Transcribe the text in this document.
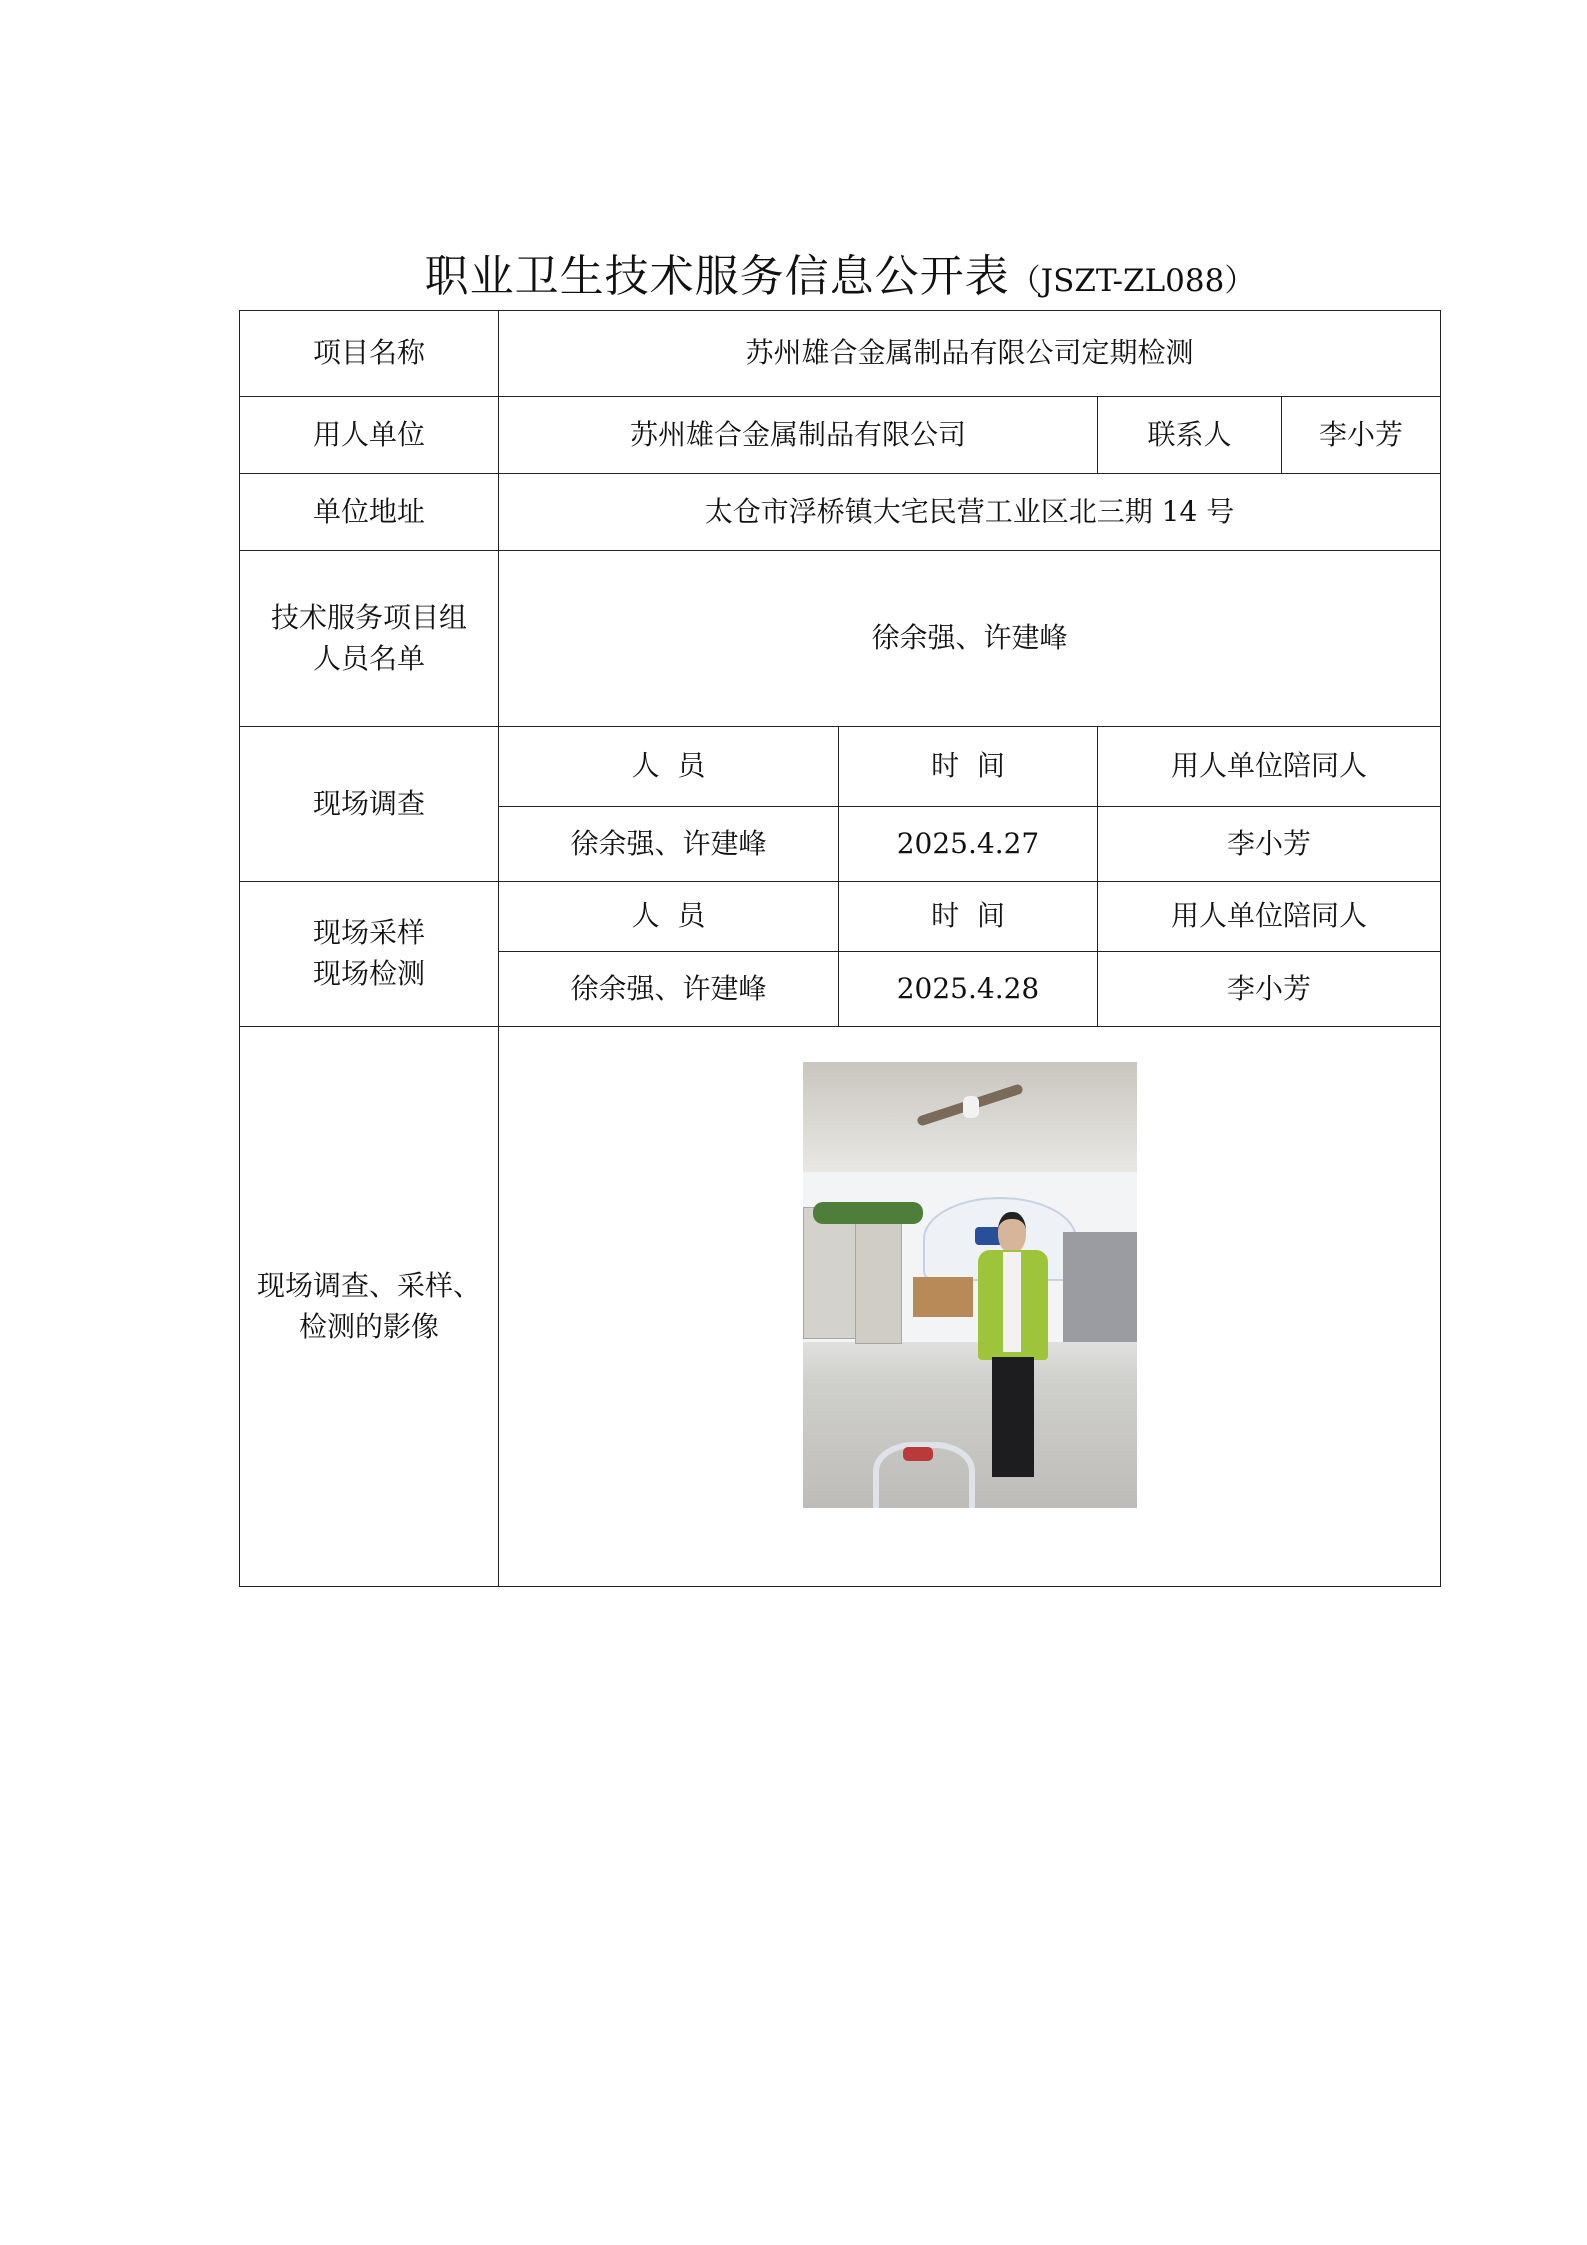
职业卫生技术服务信息公开表（JSZT-ZL088）
项目名称	苏州雄合金属制品有限公司定期检测			
用人单位	苏州雄合金属制品有限公司		联系人	李小芳
单位地址	太仓市浮桥镇大宅民营工业区北三期 14 号			

技术服务项目组
人员名单	徐余强、许建峰			
现场调查	人  员	时  间	用人单位陪同人	
	徐余强、许建峰	2025.4.27	李小芳	

现场采样
现场检测	人  员	时  间	用人单位陪同人	
	徐余强、许建峰	2025.4.28	李小芳	

现场调查、采样、
检测的影像				
